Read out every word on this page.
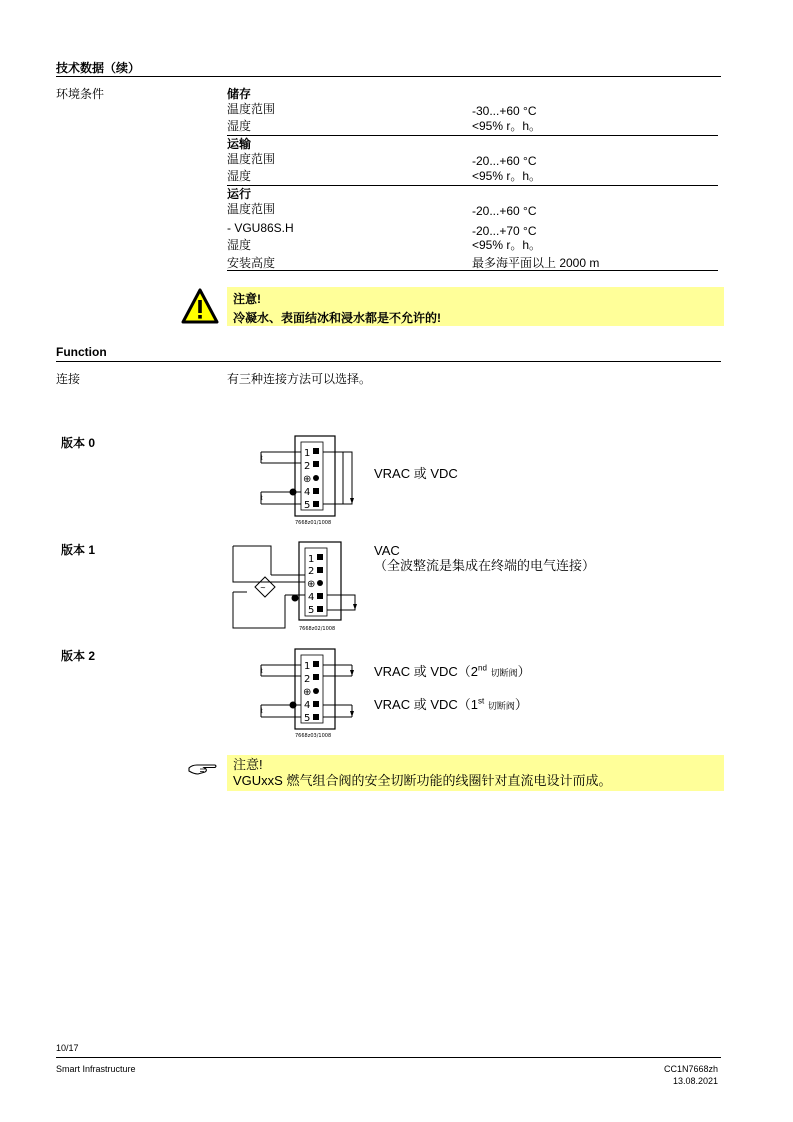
技术数据（续）
环境条件	储存
温度范围	-30...+60 °C
湿度	<95% r。h。
运输
温度范围	-20...+60 °C
湿度	<95% r。h。
运行
温度范围	-20...+60 °C
- VGU86S.H	-20...+70 °C
湿度	<95% r。h。
安装高度	最多海平面以上 2000 m
注意!
冷凝水、表面结冰和浸水都是不允许的!
Function
连接	有三种连接方法可以选择。
版本 0
⌇
⌇
1
2
⊕
4
5
7668z01/1008
VRAC 或 VDC
版本 1
~
1
2
⊕
4
5
7668z02/1008
VAC
（全波整流是集成在终端的电气连接）
版本 2
⌇
⌇
1
2
⊕
4
5
7668z03/1008
VRAC 或 VDC（2nd 切断阀）
VRAC 或 VDC（1st 切断阀）
注意!
VGUxxS 燃气组合阀的安全切断功能的线圈针对直流电设计而成。
10/17
Smart Infrastructure	CC1N7668zh
13.08.2021
